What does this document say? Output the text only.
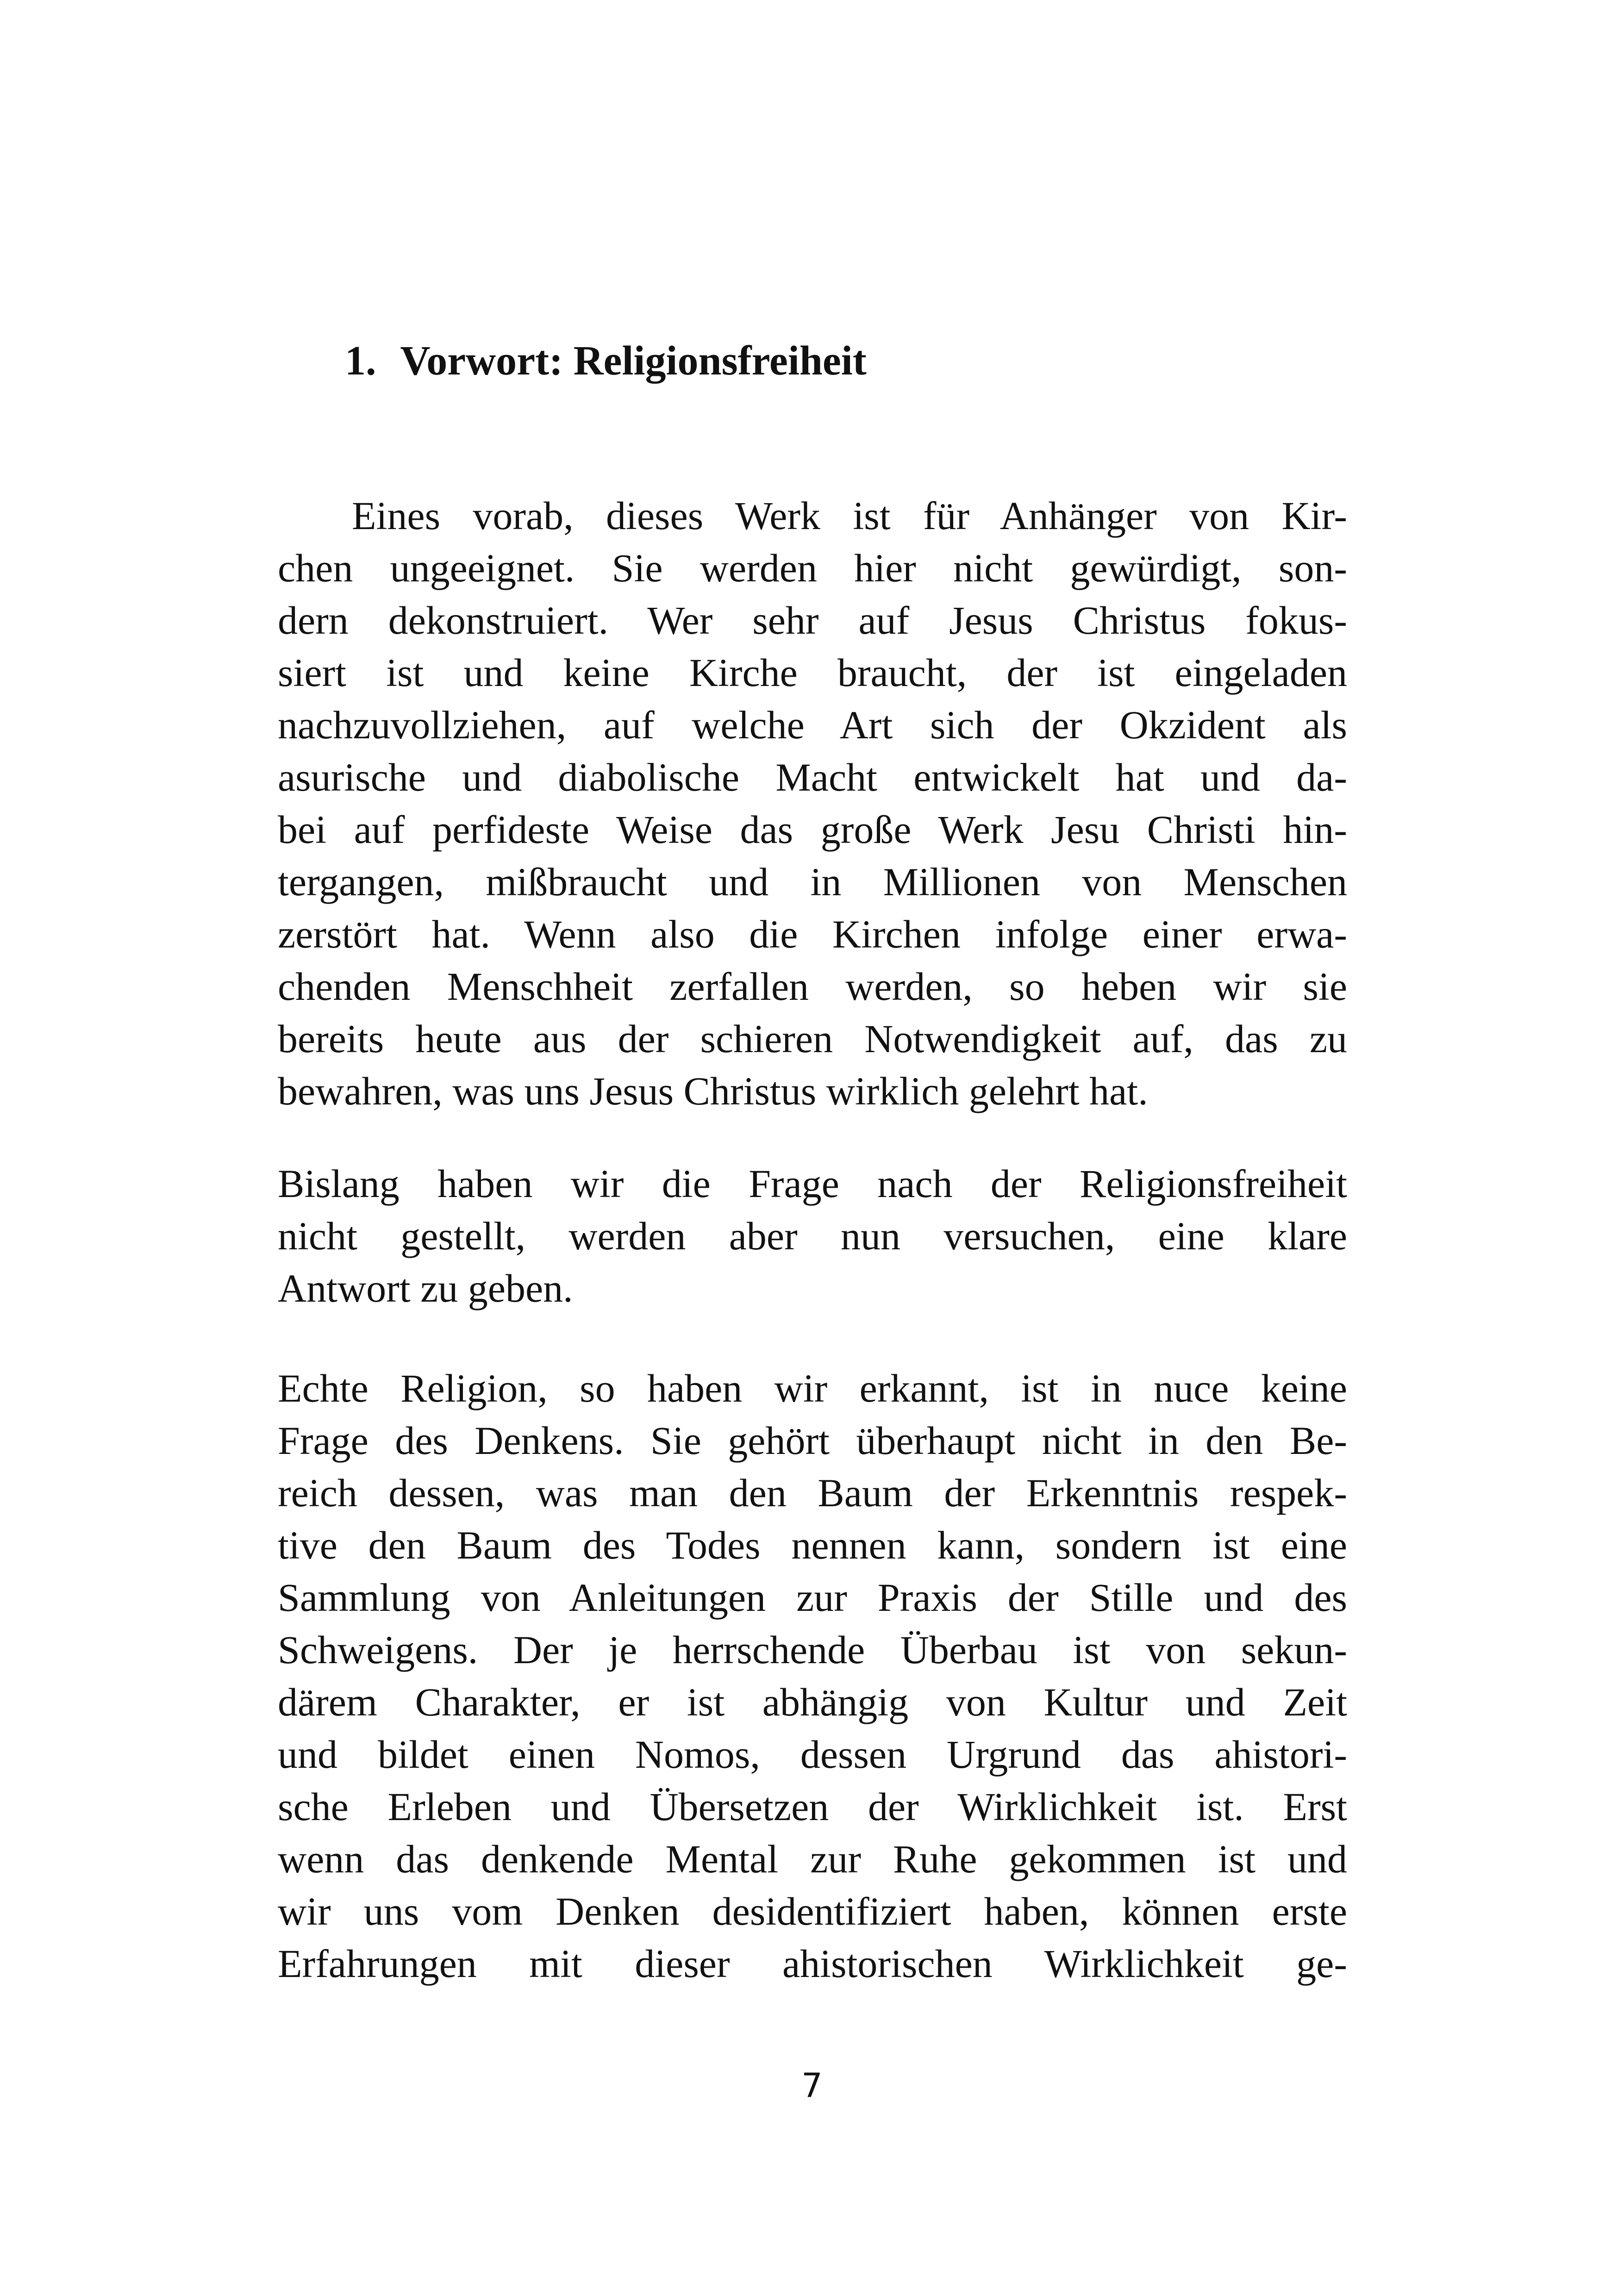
1. Vorwort: Religionsfreiheit
Eines vorab, dieses Werk ist für Anhänger von Kir-
chen ungeeignet. Sie werden hier nicht gewürdigt, son-
dern dekonstruiert. Wer sehr auf Jesus Christus fokus-
siert ist und keine Kirche braucht, der ist eingeladen
nachzuvollziehen, auf welche Art sich der Okzident als
asurische und diabolische Macht entwickelt hat und da-
bei auf perfideste Weise das große Werk Jesu Christi hin-
tergangen, mißbraucht und in Millionen von Menschen
zerstört hat. Wenn also die Kirchen infolge einer erwa-
chenden Menschheit zerfallen werden, so heben wir sie
bereits heute aus der schieren Notwendigkeit auf, das zu
bewahren, was uns Jesus Christus wirklich gelehrt hat.
Bislang haben wir die Frage nach der Religionsfreiheit
nicht gestellt, werden aber nun versuchen, eine klare
Antwort zu geben.
Echte Religion, so haben wir erkannt, ist in nuce keine
Frage des Denkens. Sie gehört überhaupt nicht in den Be-
reich dessen, was man den Baum der Erkenntnis respek-
tive den Baum des Todes nennen kann, sondern ist eine
Sammlung von Anleitungen zur Praxis der Stille und des
Schweigens. Der je herrschende Überbau ist von sekun-
därem Charakter, er ist abhängig von Kultur und Zeit
und bildet einen Nomos, dessen Urgrund das ahistori-
sche Erleben und Übersetzen der Wirklichkeit ist. Erst
wenn das denkende Mental zur Ruhe gekommen ist und
wir uns vom Denken desidentifiziert haben, können erste
Erfahrungen mit dieser ahistorischen Wirklichkeit ge-
7
